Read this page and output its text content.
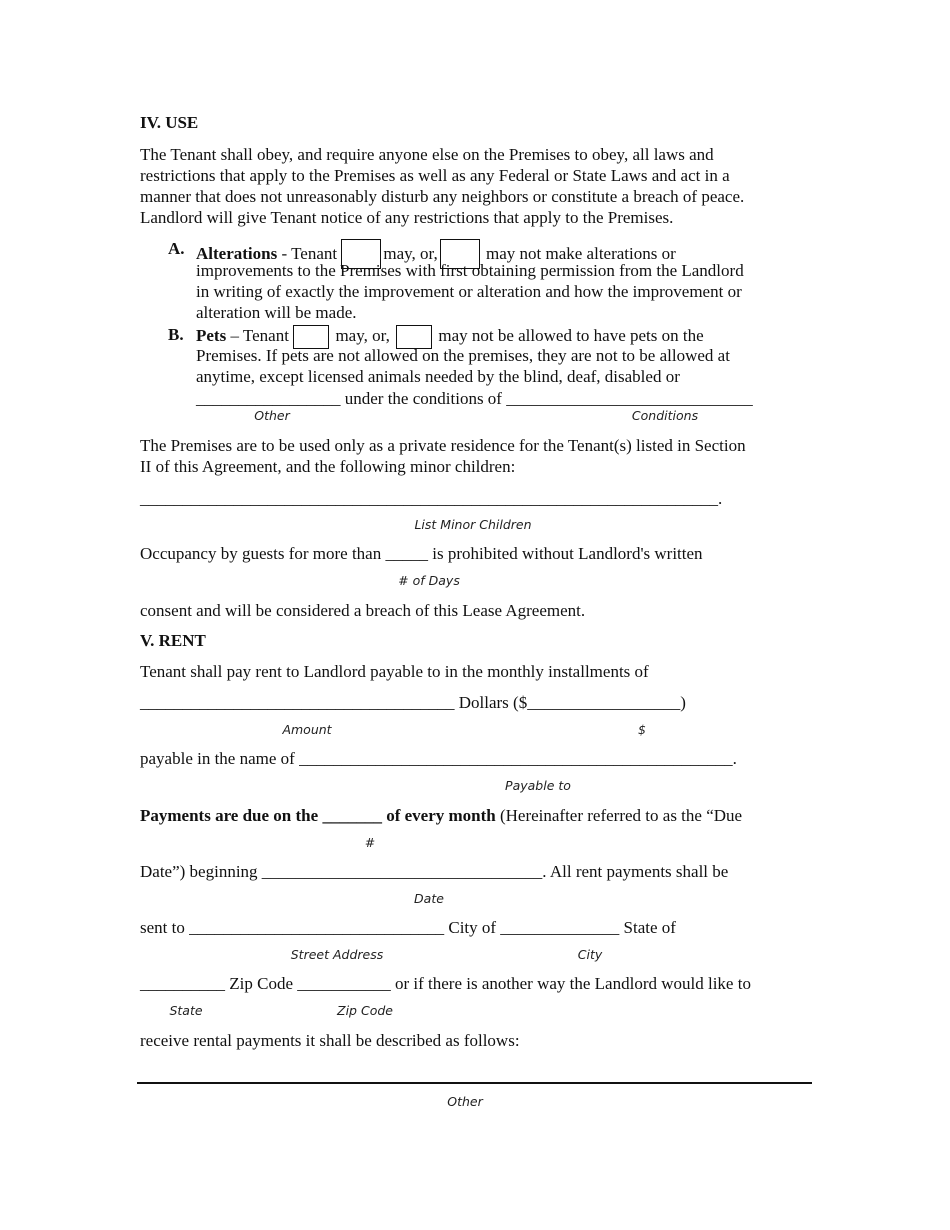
IV. USE
The Tenant shall obey, and require anyone else on the Premises to obey, all laws and
restrictions that apply to the Premises as well as any Federal or State Laws and act in a
manner that does not unreasonably disturb any neighbors or constitute a breach of peace.
Landlord will give Tenant notice of any restrictions that apply to the Premises.
A. Alterations - Tenant may, or,	may not make alterations or
improvements to the Premises with first obtaining permission from the Landlord
in writing of exactly the improvement or alteration and how the improvement or
alteration will be made.
B. Pets – Tenant  may, or,	may not be allowed to have pets on the
Premises. If pets are not allowed on the premises, they are not to be allowed at
anytime, except licensed animals needed by the blind, deaf, disabled or
_________________ under the conditions of _____________________________
Other	Conditions
The Premises are to be used only as a private residence for the Tenant(s) listed in Section
II of this Agreement, and the following minor children:
____________________________________________________________________.
List Minor Children
Occupancy by guests for more than _____ is prohibited without Landlord's written
# of Days
consent and will be considered a breach of this Lease Agreement.
V. RENT
Tenant shall pay rent to Landlord payable to in the monthly installments of
_____________________________________ Dollars ($__________________)
Amount	$
payable in the name of ___________________________________________________.
Payable to
Payments are due on the _______ of every month (Hereinafter referred to as the “Due
#
Date”) beginning _________________________________. All rent payments shall be
Date
sent to ______________________________ City of ______________ State of
Street Address	City
__________ Zip Code ___________ or if there is another way the Landlord would like to
State	Zip Code
receive rental payments it shall be described as follows:
Other
